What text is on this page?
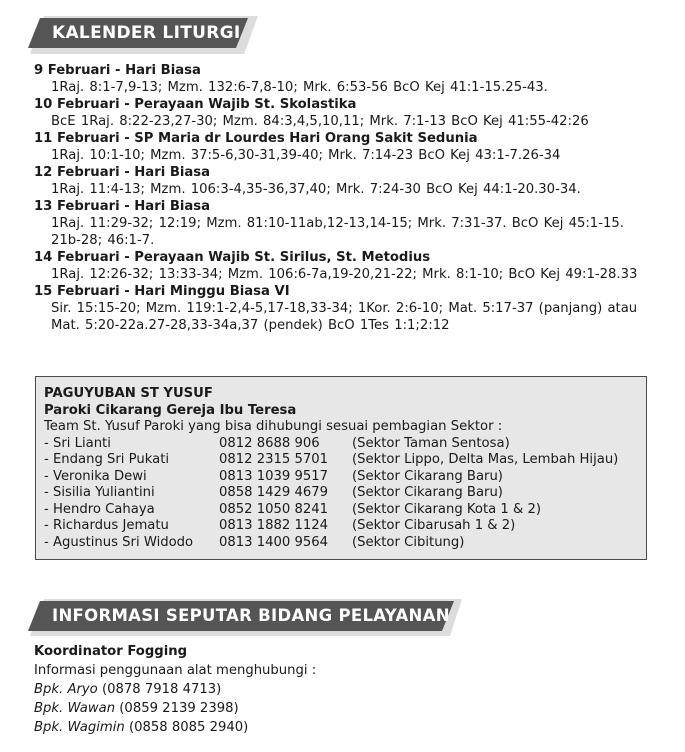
KALENDER LITURGI
9 Februari - Hari Biasa
1Raj. 8:1-7,9-13; Mzm. 132:6-7,8-10; Mrk. 6:53-56 BcO Kej 41:1-15.25-43.
10 Februari - Perayaan Wajib St. Skolastika
BcE 1Raj. 8:22-23,27-30; Mzm. 84:3,4,5,10,11; Mrk. 7:1-13 BcO Kej 41:55-42:26
11 Februari - SP Maria dr Lourdes Hari Orang Sakit Sedunia
1Raj. 10:1-10; Mzm. 37:5-6,30-31,39-40; Mrk. 7:14-23 BcO Kej 43:1-7.26-34
12 Februari - Hari Biasa
1Raj. 11:4-13; Mzm. 106:3-4,35-36,37,40; Mrk. 7:24-30 BcO Kej 44:1-20.30-34.
13 Februari - Hari Biasa
1Raj. 11:29-32; 12:19; Mzm. 81:10-11ab,12-13,14-15; Mrk. 7:31-37. BcO Kej 45:1-15.
21b-28; 46:1-7.
14 Februari - Perayaan Wajib St. Sirilus, St. Metodius
1Raj. 12:26-32; 13:33-34; Mzm. 106:6-7a,19-20,21-22; Mrk. 8:1-10; BcO Kej 49:1-28.33
15 Februari - Hari Minggu Biasa VI
Sir. 15:15-20; Mzm. 119:1-2,4-5,17-18,33-34; 1Kor. 2:6-10; Mat. 5:17-37 (panjang) atau
Mat. 5:20-22a.27-28,33-34a,37 (pendek) BcO 1Tes 1:1;2:12
PAGUYUBAN ST YUSUF
Paroki Cikarang Gereja Ibu Teresa
Team St. Yusuf Paroki yang bisa dihubungi sesuai pembagian Sektor :
- Sri Lianti	0812 8688 906	(Sektor Taman Sentosa)
- Endang Sri Pukati	0812 2315 5701	(Sektor Lippo, Delta Mas, Lembah Hijau)
- Veronika Dewi	0813 1039 9517	(Sektor Cikarang Baru)
- Sisilia Yuliantini	0858 1429 4679	(Sektor Cikarang Baru)
- Hendro Cahaya	0852 1050 8241	(Sektor Cikarang Kota 1 & 2)
- Richardus Jematu	0813 1882 1124	(Sektor Cibarusah 1 & 2)
- Agustinus Sri Widodo	0813 1400 9564	(Sektor Cibitung)
INFORMASI SEPUTAR BIDANG PELAYANAN
Koordinator Fogging
Informasi penggunaan alat menghubungi :
Bpk. Aryo (0878 7918 4713)
Bpk. Wawan (0859 2139 2398)
Bpk. Wagimin (0858 8085 2940)
